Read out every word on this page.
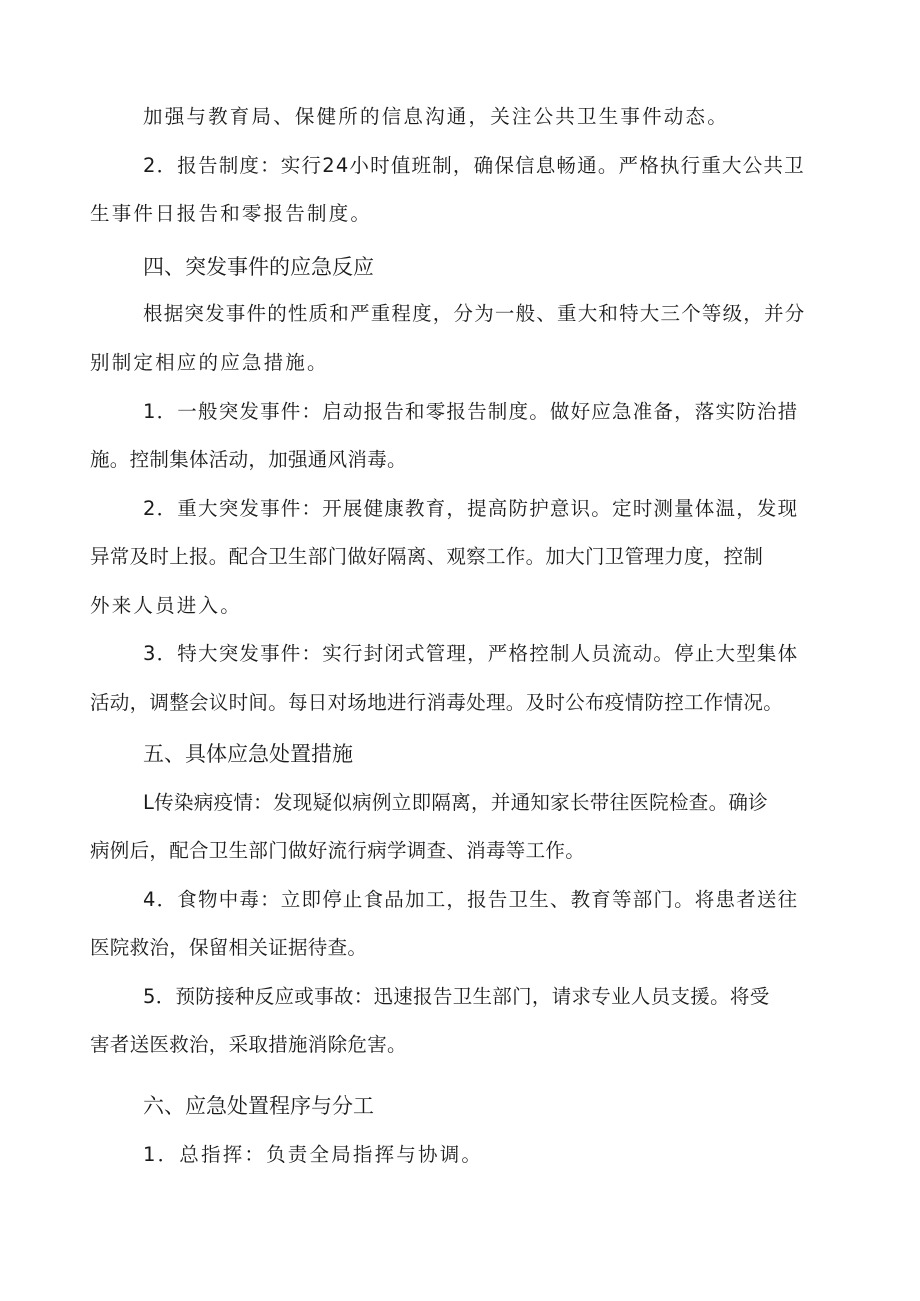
加强与教育局、保健所的信息沟通，关注公共卫生事件动态。
2．报告制度：实行24小时值班制，确保信息畅通。严格执行重大公共卫
生事件日报告和零报告制度。
四、突发事件的应急反应
根据突发事件的性质和严重程度，分为一般、重大和特大三个等级，并分
别制定相应的应急措施。
1．一般突发事件：启动报告和零报告制度。做好应急准备，落实防治措
施。控制集体活动，加强通风消毒。
2．重大突发事件：开展健康教育，提高防护意识。定时测量体温，发现
异常及时上报。配合卫生部门做好隔离、观察工作。加大门卫管理力度，控制
外来人员进入。
3．特大突发事件：实行封闭式管理，严格控制人员流动。停止大型集体
活动，调整会议时间。每日对场地进行消毒处理。及时公布疫情防控工作情况。
五、具体应急处置措施
L传染病疫情：发现疑似病例立即隔离，并通知家长带往医院检查。确诊
病例后，配合卫生部门做好流行病学调查、消毒等工作。
4．食物中毒：立即停止食品加工，报告卫生、教育等部门。将患者送往
医院救治，保留相关证据待查。
5．预防接种反应或事故：迅速报告卫生部门，请求专业人员支援。将受
害者送医救治，采取措施消除危害。
六、应急处置程序与分工
1．总指挥：负责全局指挥与协调。
